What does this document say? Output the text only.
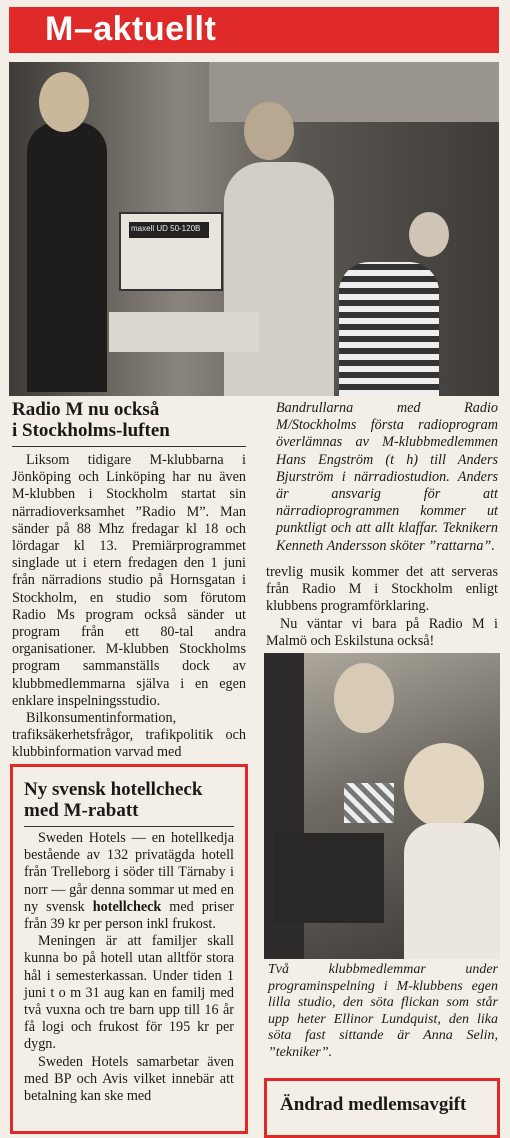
M–aktuellt
maxell UD 50-120B
Radio M nu också
i Stockholms-luften

Liksom tidigare M-klubbarna i Jönköping och Linköping har nu även M-klubben i Stockholm startat sin närradioverksamhet ”Radio M”. Man sänder på 88 Mhz fredagar kl 18 och lördagar kl 13. Premiärprogrammet singlade ut i etern fredagen den 1 juni från närradions studio på Hornsgatan i Stockholm, en studio som förutom Radio Ms program också sänder ut program från ett 80-tal andra organisationer. M-klubben Stockholms program sammanställs dock av klubbmedlemmarna själva i en egen enklare inspelningsstudio.

Bilkonsumentinformation, trafiksäkerhetsfrågor, trafikpolitik och klubbinformation varvad med

Bandrullarna med Radio M/Stockholms första radioprogram överlämnas av M-klubbmedlemmen Hans Engström (t h) till Anders Bjurström i närradiostudion. Anders är ansvarig för att närradioprogrammen kommer ut punktligt och att allt klaffar. Teknikern Kenneth Andersson sköter ”rattarna”.

trevlig musik kommer det att serveras från Radio M i Stockholm enligt klubbens programförklaring.

Nu väntar vi bara på Radio M i Malmö och Eskilstuna också!

Två klubbmedlemmar under programinspelning i M-klubbens egen lilla studio, den söta flickan som står upp heter Ellinor Lundquist, den lika söta fast sittande är Anna Selin, ”tekniker”.
Ny svensk hotellcheck
med M-rabatt

Sweden Hotels — en hotellkedja bestående av 132 privatägda hotell från Trelleborg i söder till Tärnaby i norr — går denna sommar ut med en ny svensk hotellcheck med priser från 39 kr per person inkl frukost.

Meningen är att familjer skall kunna bo på hotell utan alltför stora hål i semesterkassan. Under tiden 1 juni t o m 31 aug kan en familj med två vuxna och tre barn upp till 16 år få logi och frukost för 195 kr per dygn.

Sweden Hotels samarbetar även med BP och Avis vilket innebär att betalning kan ske med	Ändrad medlemsavgift
